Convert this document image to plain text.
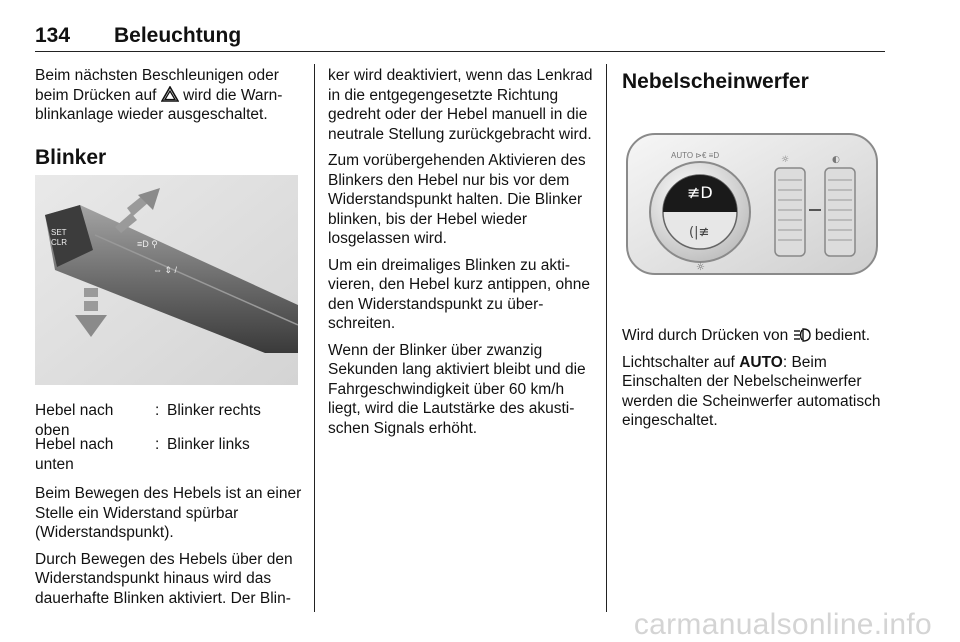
134 Beleuchtung
Beim nächsten Beschleunigen oder
beim Drücken auf wird die Warn-
blinkanlage wieder ausgeschaltet.
Blinker
SET
CLR	≡D ⚲
⇔ ⇕ /
Hebel nach oben
: Blinker rechts
Hebel nach unten
: Blinker links

Beim Bewegen des Hebels ist an einer Stelle ein Widerstand spürbar (Widerstandspunkt).

Durch Bewegen des Hebels über den Widerstandspunkt hinaus wird das dauerhafte Blinken aktiviert. Der Blin-

ker wird deaktiviert, wenn das Lenkrad in die entgegengesetzte Richtung gedreht oder der Hebel manuell in die neutrale Stellung zurückgebracht wird.

Zum vorübergehenden Aktivieren des Blinkers den Hebel nur bis vor dem Widerstandspunkt halten. Die Blinker blinken, bis der Hebel wieder losgelassen wird.

Um ein dreimaliges Blinken zu aktivieren, den Hebel kurz antippen, ohne den Widerstandspunkt zu überschreiten.

Wenn der Blinker über zwanzig Sekunden lang aktiviert bleibt und die Fahrgeschwindigkeit über 60 km/h liegt, wird die Lautstärke des akustischen Signals erhöht.

Nebelscheinwerfer
AUTO ⊳€ ≡D
≢D
(|≢
☼
☼	◐

Wird durch Drücken von bedient.

Lichtschalter auf AUTO: Beim Einschalten der Nebelscheinwerfer werden die Scheinwerfer automatisch eingeschaltet.

carmanualsonline.info
